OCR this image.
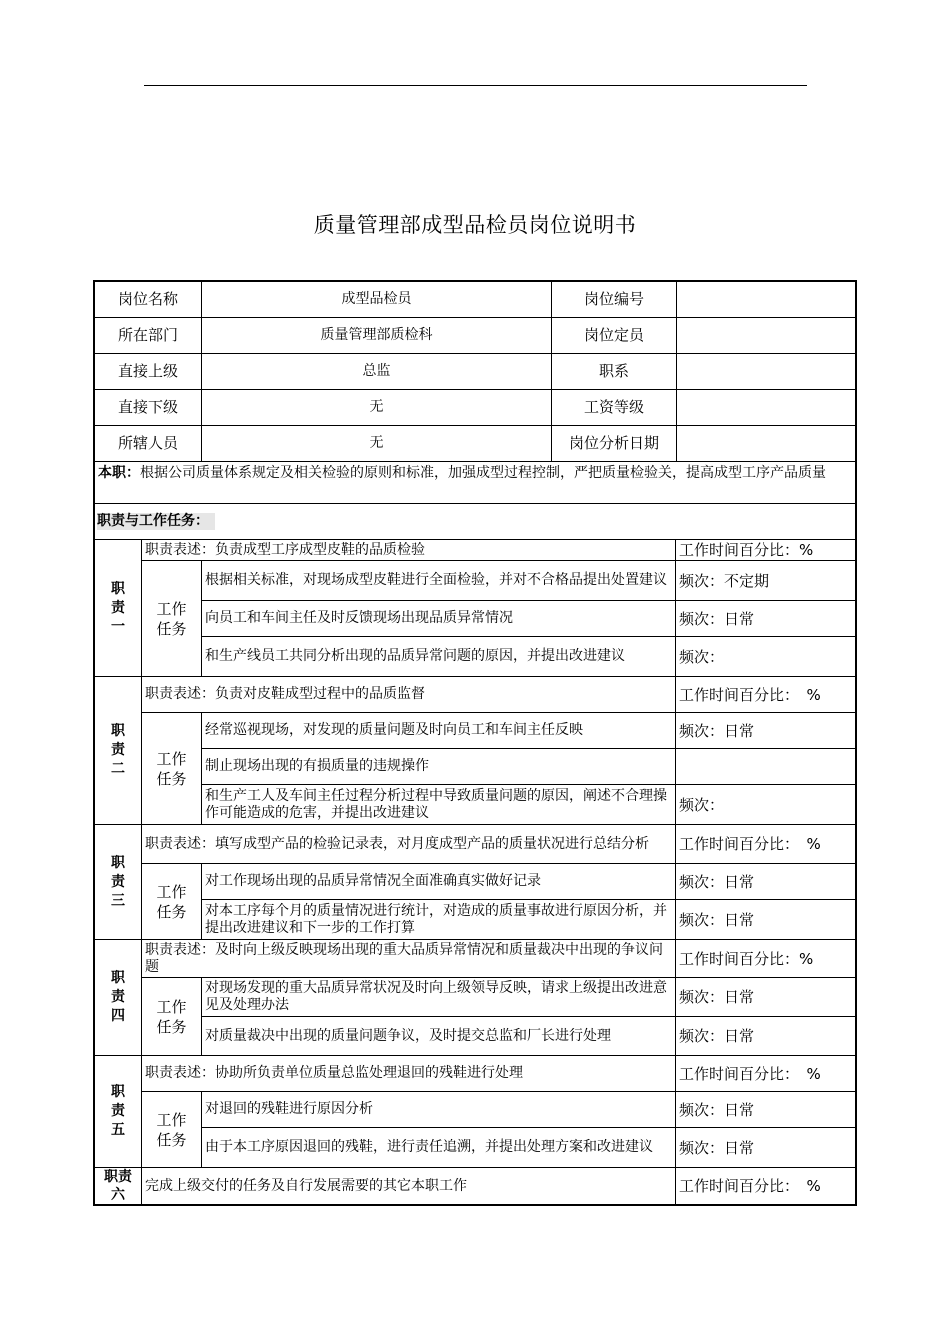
质量管理部成型品检员岗位说明书
岗位名称	成型品检员	岗位编号
所在部门	质量管理部质检科	岗位定员
直接上级	总监	职系
直接下级	无	工资等级
所辖人员	无	岗位分析日期
本职：根据公司质量体系规定及相关检验的原则和标准，加强成型过程控制，严把质量检验关，提高成型工序产品质量
职责与工作任务：
职责一
职责表述：负责成型工序成型皮鞋的品质检验	工作时间百分比：%
工作任务
根据相关标准，对现场成型皮鞋进行全面检验，并对不合格品提出处置建议 频次：不定期
向员工和车间主任及时反馈现场出现品质异常情况	频次：日常
和生产线员工共同分析出现的品质异常问题的原因，并提出改进建议	频次：
职责二
职责表述：负责对皮鞋成型过程中的品质监督	工作时间百分比：　%
工作任务
经常巡视现场，对发现的质量问题及时向员工和车间主任反映	频次：日常
制止现场出现的有损质量的违规操作
和生产工人及车间主任过程分析过程中导致质量问题的原因，阐述不合理操作可能造成的危害，并提出改进建议	频次：
职责三
职责表述：填写成型产品的检验记录表，对月度成型产品的质量状况进行总结分析	工作时间百分比：　%
工作任务
对工作现场出现的品质异常情况全面准确真实做好记录	频次：日常
对本工序每个月的质量情况进行统计，对造成的质量事故进行原因分析，并提出改进建议和下一步的工作打算	频次：日常
职责四
职责表述：及时向上级反映现场出现的重大品质异常情况和质量裁决中出现的争议问题	工作时间百分比：%
工作任务
对现场发现的重大品质异常状况及时向上级领导反映，请求上级提出改进意见及处理办法	频次：日常
对质量裁决中出现的质量问题争议，及时提交总监和厂长进行处理	频次：日常
职责五
职责表述：协助所负责单位质量总监处理退回的残鞋进行处理	工作时间百分比：　%
工作任务
对退回的残鞋进行原因分析	频次：日常
由于本工序原因退回的残鞋，进行责任追溯，并提出处理方案和改进建议	频次：日常
职责六
完成上级交付的任务及自行发展需要的其它本职工作	工作时间百分比：　%
